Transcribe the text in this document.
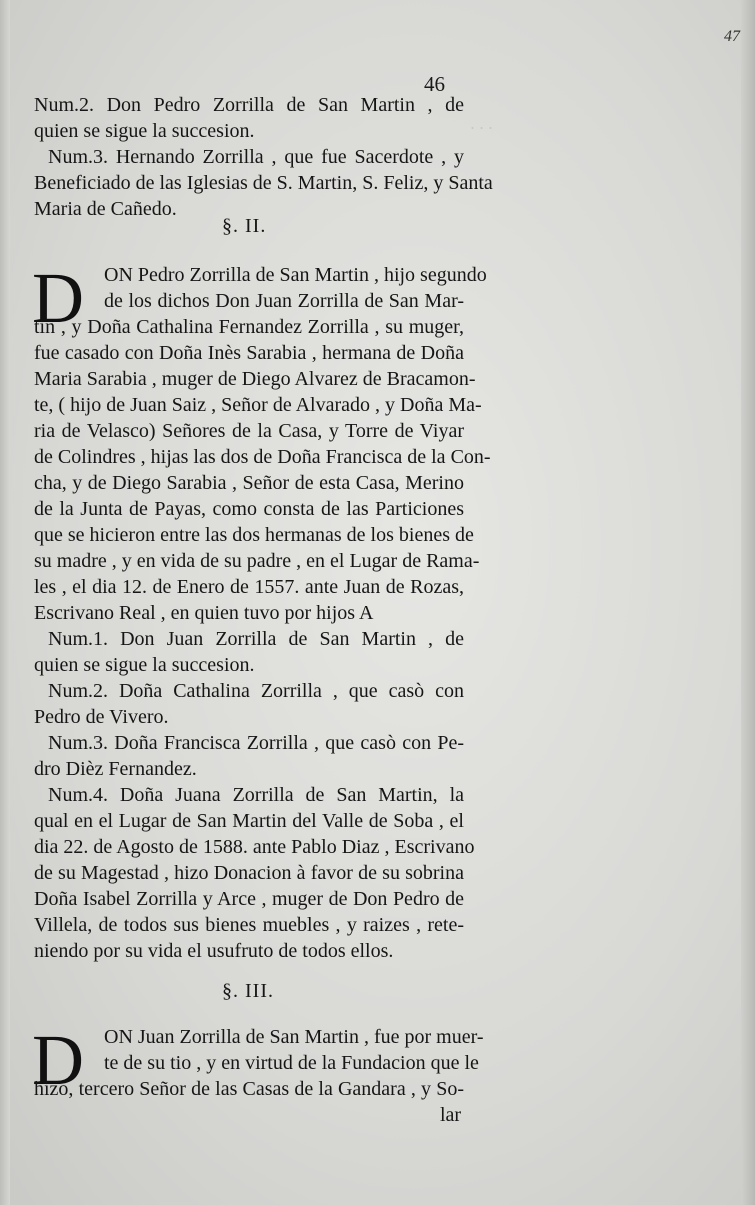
· · ·
47
46
Num.2. Don Pedro Zorrilla de San Martin , de
quien se sigue la succesion.
Num.3. Hernando Zorrilla , que fue Sacerdote , y
Beneficiado de las Iglesias de S. Martin, S. Feliz, y Santa
Maria de Cañedo.
§. II.
D ON Pedro Zorrilla de San Martin , hijo segundo
de los dichos Don Juan Zorrilla de San Mar-
tin , y Doña Cathalina Fernandez Zorrilla , su muger,
fue casado con Doña Inès Sarabia , hermana de Doña
Maria Sarabia , muger de Diego Alvarez de Bracamon-
te, ( hijo de Juan Saiz , Señor de Alvarado , y Doña Ma-
ria de Velasco) Señores de la Casa, y Torre de Viyar
de Colindres , hijas las dos de Doña Francisca de la Con-
cha, y de Diego Sarabia , Señor de esta Casa, Merino
de la Junta de Payas, como consta de las Particiones
que se hicieron entre las dos hermanas de los bienes de
su madre , y en vida de su padre , en el Lugar de Rama-
les , el dia 12. de Enero de 1557. ante Juan de Rozas,
Escrivano Real , en quien tuvo por hijos A
Num.1. Don Juan Zorrilla de San Martin , de
quien se sigue la succesion.
Num.2. Doña Cathalina Zorrilla , que casò con
Pedro de Vivero.
Num.3. Doña Francisca Zorrilla , que casò con Pe-
dro Dièz Fernandez.
Num.4. Doña Juana Zorrilla de San Martin, la
qual en el Lugar de San Martin del Valle de Soba , el
dia 22. de Agosto de 1588. ante Pablo Diaz , Escrivano
de su Magestad , hizo Donacion à favor de su sobrina
Doña Isabel Zorrilla y Arce , muger de Don Pedro de
Villela, de todos sus bienes muebles , y raizes , rete-
niendo por su vida el usufruto de todos ellos.
§. III.
D ON Juan Zorrilla de San Martin , fue por muer-
te de su tio , y en virtud de la Fundacion que le
hizo, tercero Señor de las Casas de la Gandara , y So-
lar
